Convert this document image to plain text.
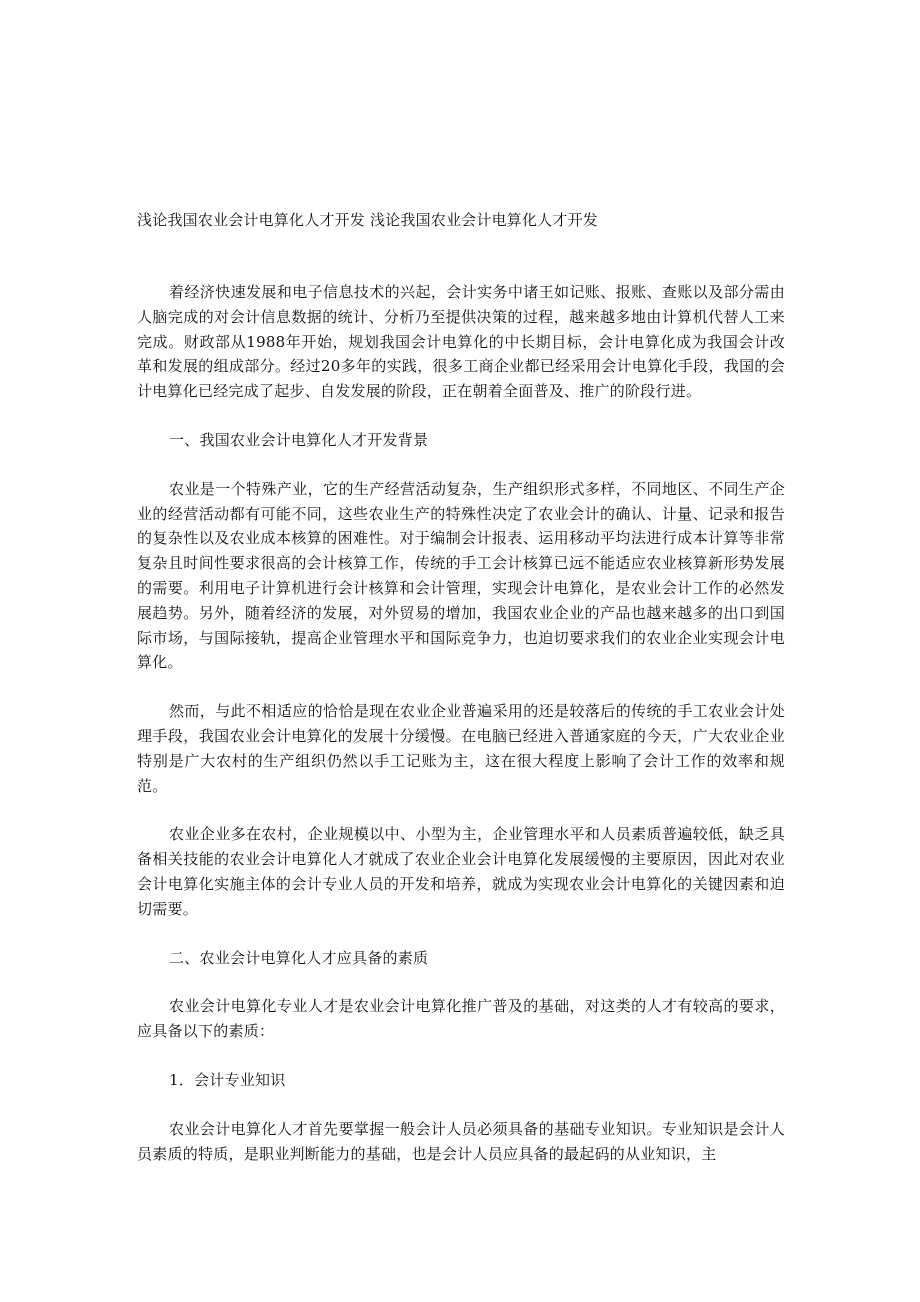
浅论我国农业会计电算化人才开发 浅论我国农业会计电算化人才开发

着经济快速发展和电子信息技术的兴起，会计实务中诸王如记账、报账、查账以及部分需由人脑完成的对会计信息数据的统计、分析乃至提供决策的过程，越来越多地由计算机代替人工来完成。财政部从1988年开始，规划我国会计电算化的中长期目标，会计电算化成为我国会计改革和发展的组成部分。经过20多年的实践，很多工商企业都已经采用会计电算化手段，我国的会计电算化已经完成了起步、自发发展的阶段，正在朝着全面普及、推广的阶段行进。

一、我国农业会计电算化人才开发背景

农业是一个特殊产业，它的生产经营活动复杂，生产组织形式多样，不同地区、不同生产企业的经营活动都有可能不同，这些农业生产的特殊性决定了农业会计的确认、计量、记录和报告的复杂性以及农业成本核算的困难性。对于编制会计报表、运用移动平均法进行成本计算等非常复杂且时间性要求很高的会计核算工作，传统的手工会计核算已远不能适应农业核算新形势发展的需要。利用电子计算机进行会计核算和会计管理，实现会计电算化，是农业会计工作的必然发展趋势。另外，随着经济的发展，对外贸易的增加，我国农业企业的产品也越来越多的出口到国际市场，与国际接轨，提高企业管理水平和国际竞争力，也迫切要求我们的农业企业实现会计电算化。

然而，与此不相适应的恰恰是现在农业企业普遍采用的还是较落后的传统的手工农业会计处理手段，我国农业会计电算化的发展十分缓慢。在电脑已经进入普通家庭的今天，广大农业企业特别是广大农村的生产组织仍然以手工记账为主，这在很大程度上影响了会计工作的效率和规范。

农业企业多在农村，企业规模以中、小型为主，企业管理水平和人员素质普遍较低，缺乏具备相关技能的农业会计电算化人才就成了农业企业会计电算化发展缓慢的主要原因，因此对农业会计电算化实施主体的会计专业人员的开发和培养，就成为实现农业会计电算化的关键因素和迫切需要。

二、农业会计电算化人才应具备的素质

农业会计电算化专业人才是农业会计电算化推广普及的基础，对这类的人才有较高的要求，应具备以下的素质：

1．会计专业知识

农业会计电算化人才首先要掌握一般会计人员必须具备的基础专业知识。专业知识是会计人员素质的特质，是职业判断能力的基础，也是会计人员应具备的最起码的从业知识，主
